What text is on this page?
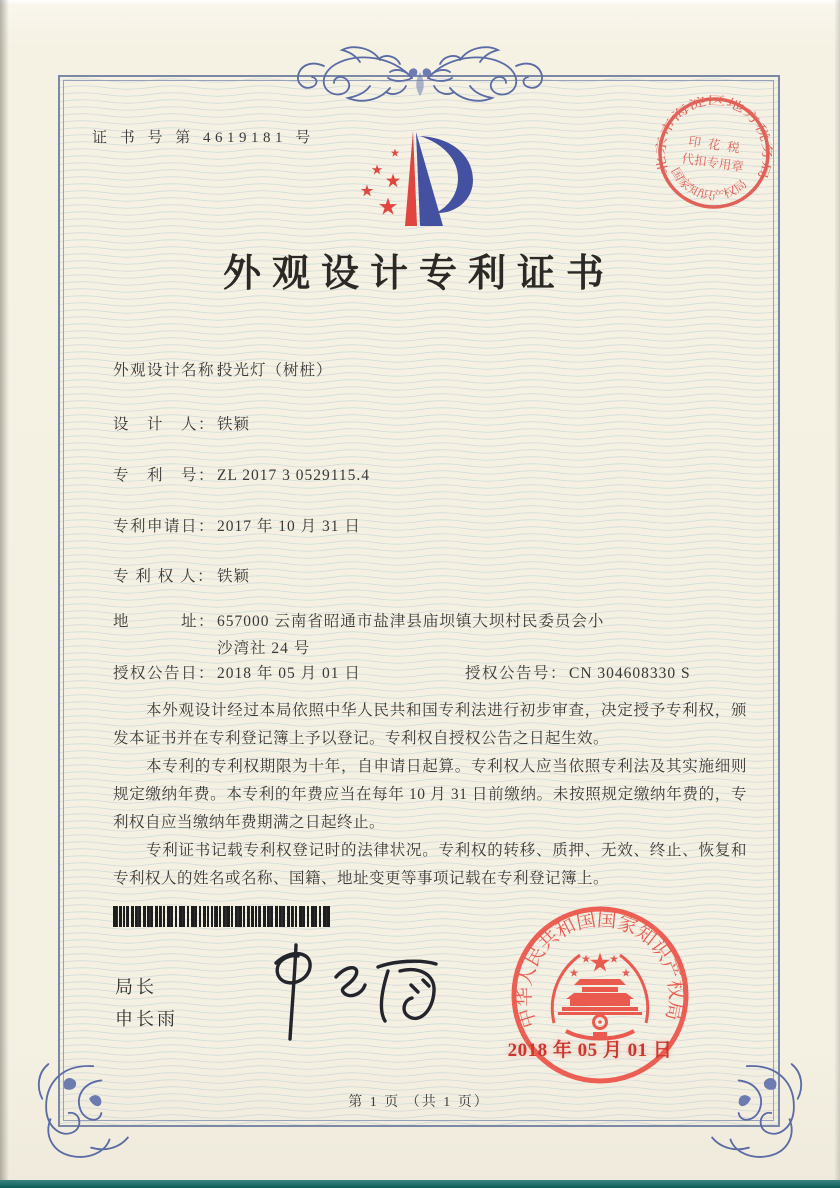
证 书 号 第 4619181 号
外观设计专利证书
外观设计名称：
投光灯（树桩）
设　计　人： 铁颖
专　利　号： ZL 2017 3 0529115.4
专利申请日： 2017 年 10 月 31 日
专 利 权 人： 铁颖
地　　　址： 657000 云南省昭通市盐津县庙坝镇大坝村民委员会小沙湾社 24 号
授权公告日： 2018 年 05 月 01 日	授权公告号： CN 304608330 S

本外观设计经过本局依照中华人民共和国专利法进行初步审查，决定授予专利权，颁发本证书并在专利登记簿上予以登记。专利权自授权公告之日起生效。

本专利的专利权期限为十年，自申请日起算。专利权人应当依照专利法及其实施细则规定缴纳年费。本专利的年费应当在每年 10 月 31 日前缴纳。未按照规定缴纳年费的，专利权自应当缴纳年费期满之日起终止。

专利证书记载专利权登记时的法律状况。专利权的转移、质押、无效、终止、恢复和专利权人的姓名或名称、国籍、地址变更等事项记载在专利登记簿上。

局长
申长雨	中华人民共和国国家知识产权局
2018 年 05 月 01 日
北京市海淀区地方税务局
国家知识产权局
印 花 税
代扣专用章
第 1 页 （共 1 页）
